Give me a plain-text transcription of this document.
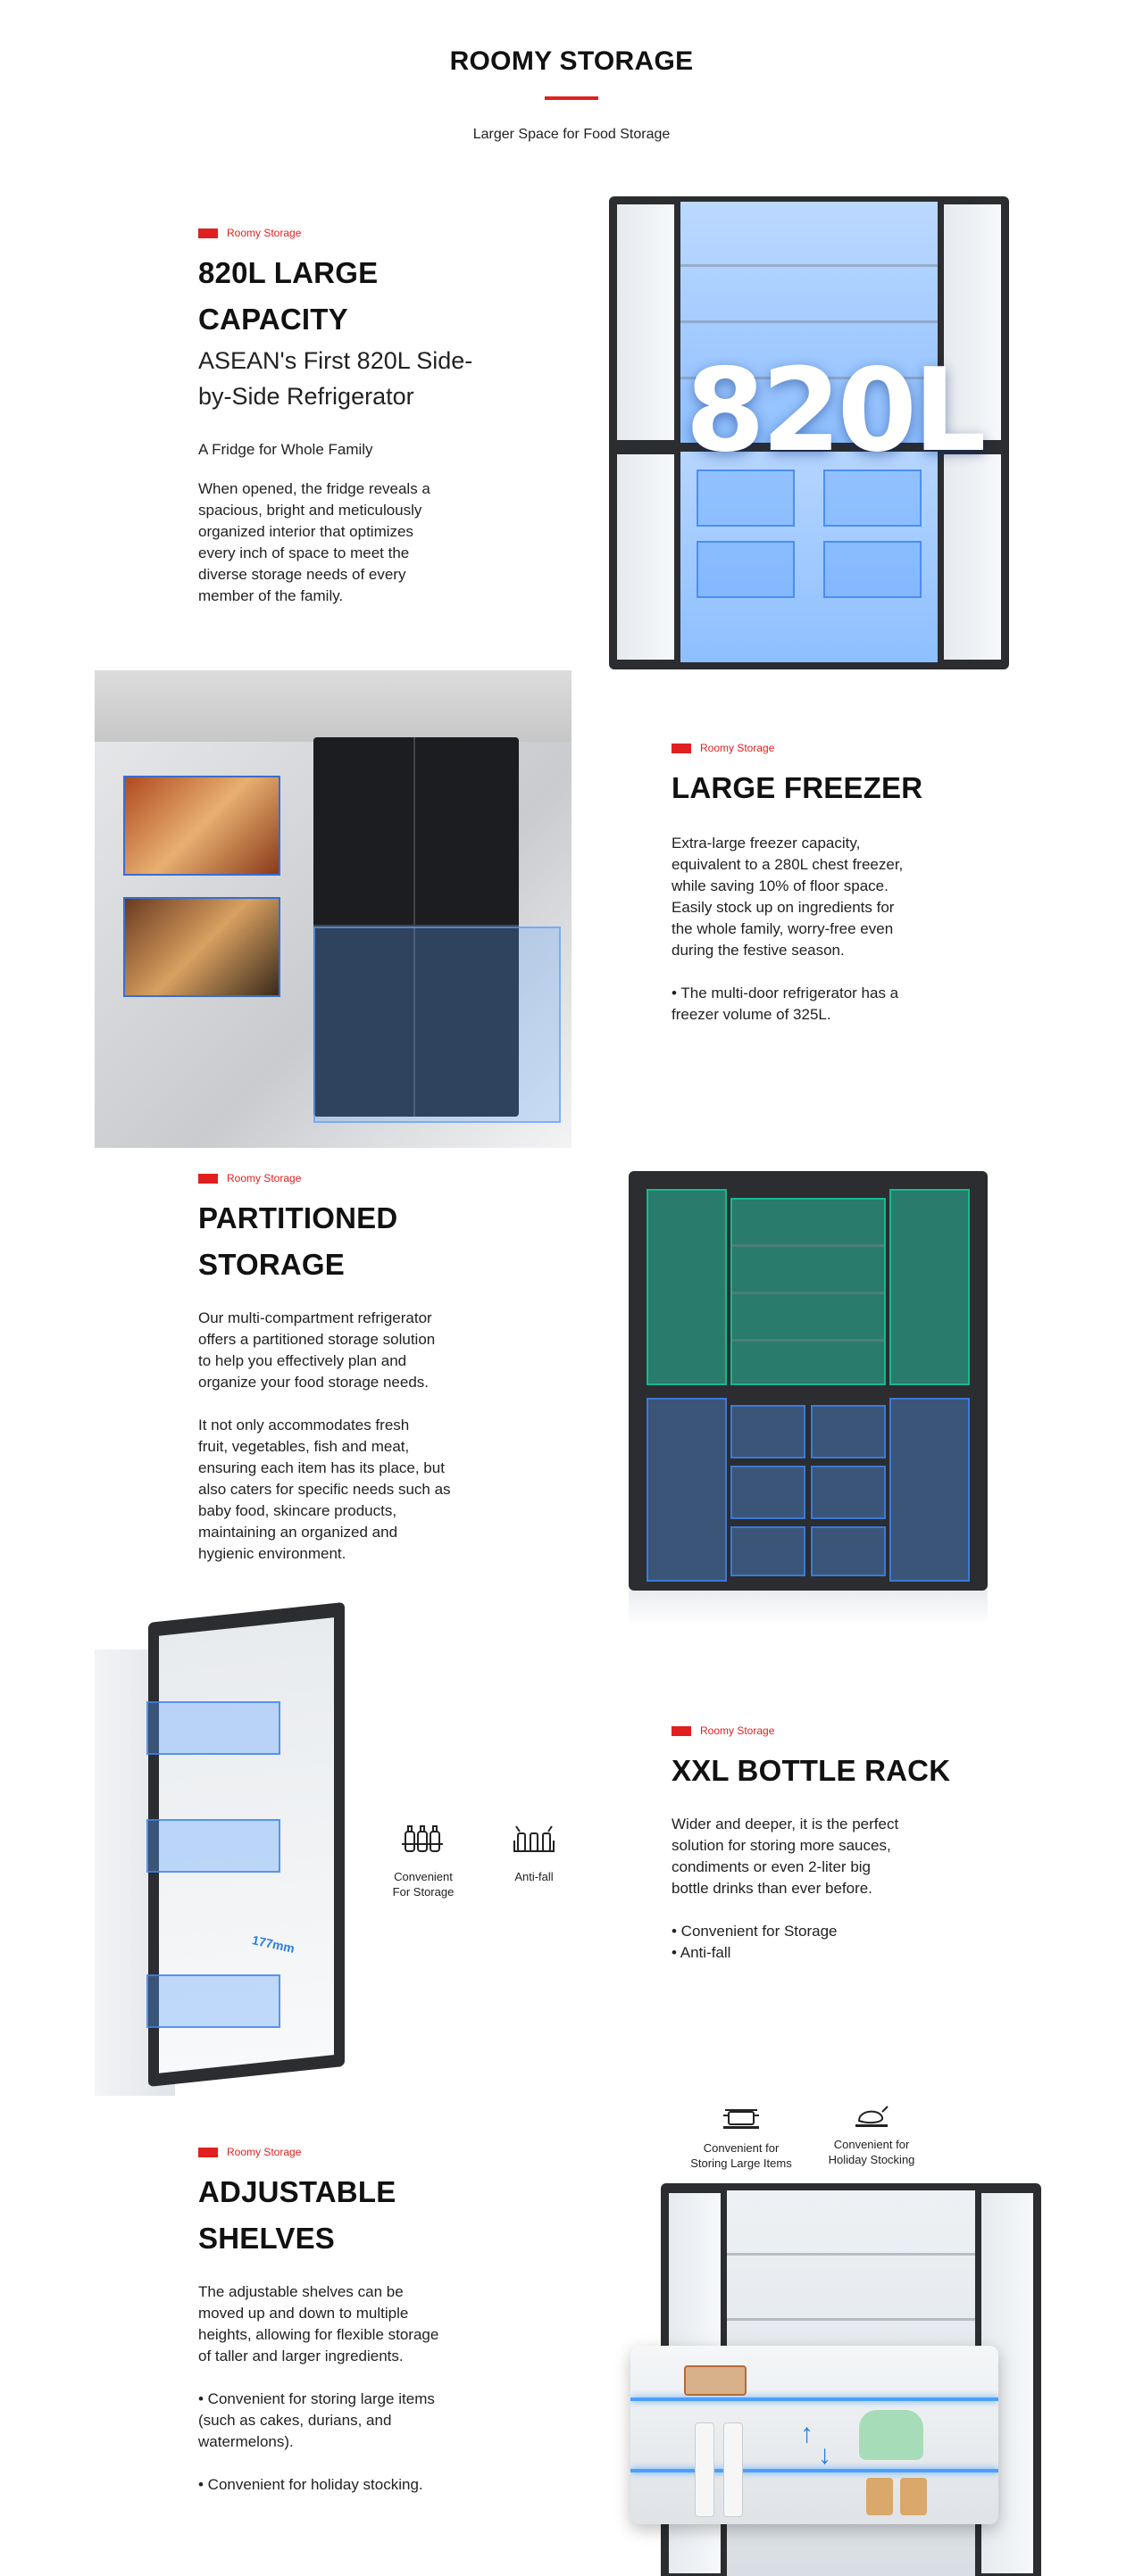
ROOMY STORAGE
Larger Space for Food Storage
Roomy Storage
820L LARGE
CAPACITY
ASEAN's First 820L Side-
by-Side Refrigerator
A Fridge for Whole Family
When opened, the fridge reveals a
spacious, bright and meticulously
organized interior that optimizes
every inch of space to meet the
diverse storage needs of every
member of the family.
820L
Roomy Storage
LARGE FREEZER
Extra-large freezer capacity,
equivalent to a 280L chest freezer,
while saving 10% of floor space.
Easily stock up on ingredients for
the whole family, worry-free even
during the festive season.
• The multi-door refrigerator has a
freezer volume of 325L.
Roomy Storage
PARTITIONED
STORAGE
Our multi-compartment refrigerator
offers a partitioned storage solution
to help you effectively plan and
organize your food storage needs.
It not only accommodates fresh
fruit, vegetables, fish and meat,
ensuring each item has its place, but
also caters for specific needs such as
baby food, skincare products,
maintaining an organized and
hygienic environment.
177mm
Convenient
For Storage
Anti-fall
Roomy Storage
XXL BOTTLE RACK
Wider and deeper, it is the perfect
solution for storing more sauces,
condiments or even 2-liter big
bottle drinks than ever before.
• Convenient for Storage
• Anti-fall
Roomy Storage
ADJUSTABLE
SHELVES
The adjustable shelves can be
moved up and down to multiple
heights, allowing for flexible storage
of taller and larger ingredients.
• Convenient for storing large items
(such as cakes, durians, and
watermelons).
• Convenient for holiday stocking.
Convenient for
Storing Large Items
Convenient for
Holiday Stocking
↑
↓
